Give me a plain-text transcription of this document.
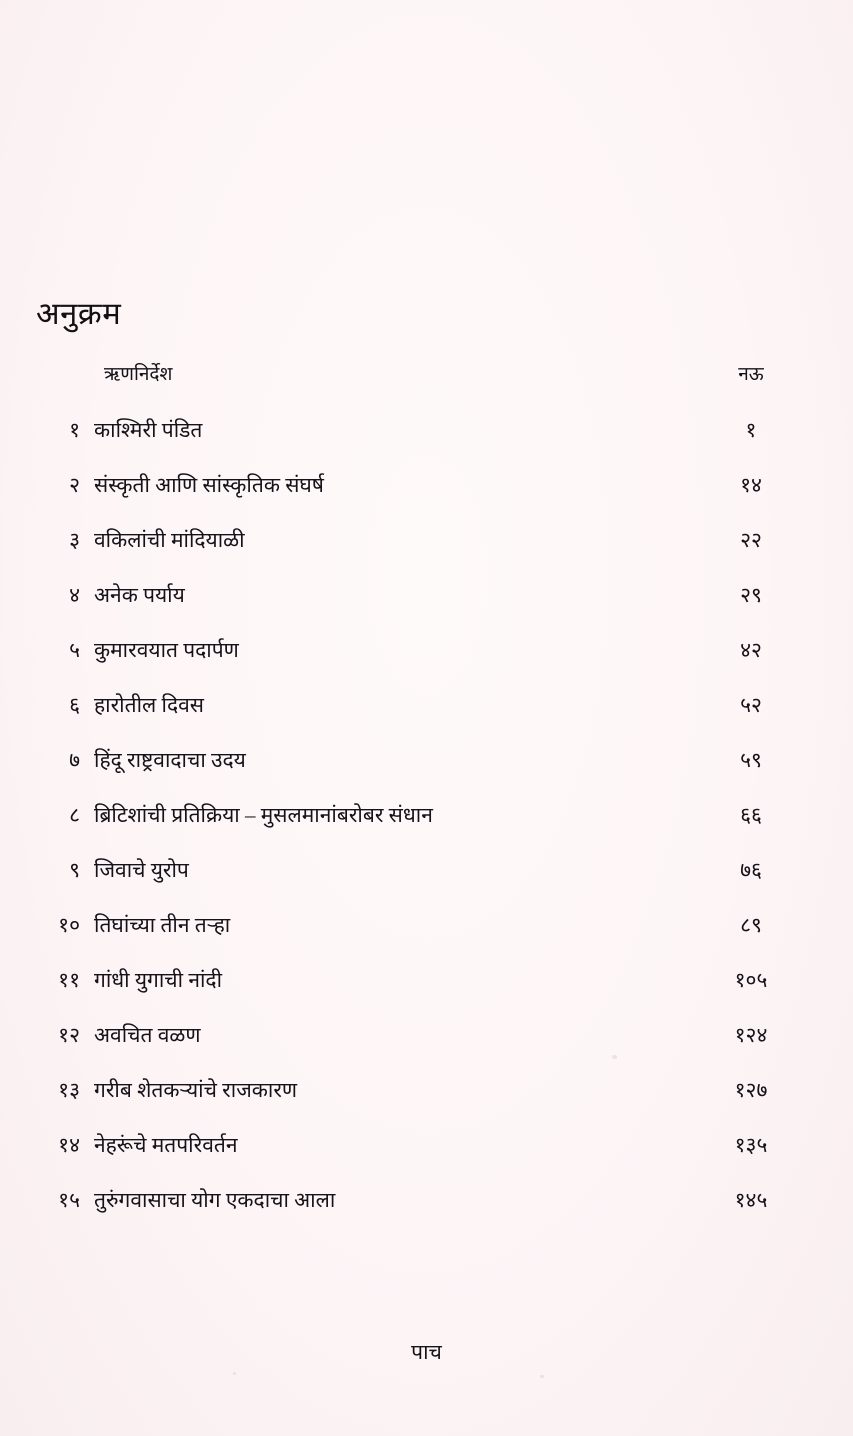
अनुक्रम
ऋणनिर्देश	नऊ
१ काश्मिरी पंडित	१
२ संस्कृती आणि सांस्कृतिक संघर्ष	१४
३ वकिलांची मांदियाळी	२२
४ अनेक पर्याय	२९
५ कुमारवयात पदार्पण	४२
६ हारोतील दिवस	५२
७ हिंदू राष्ट्रवादाचा उदय	५९
८ ब्रिटिशांची प्रतिक्रिया – मुसलमानांबरोबर संधान	६६
९ जिवाचे युरोप	७६
१० तिघांच्या तीन तऱ्हा	८९
११ गांधी युगाची नांदी	१०५
१२ अवचित वळण	१२४
१३ गरीब शेतकऱ्यांचे राजकारण	१२७
१४ नेहरूंचे मतपरिवर्तन	१३५
१५ तुरुंगवासाचा योग एकदाचा आला	१४५
पाच
